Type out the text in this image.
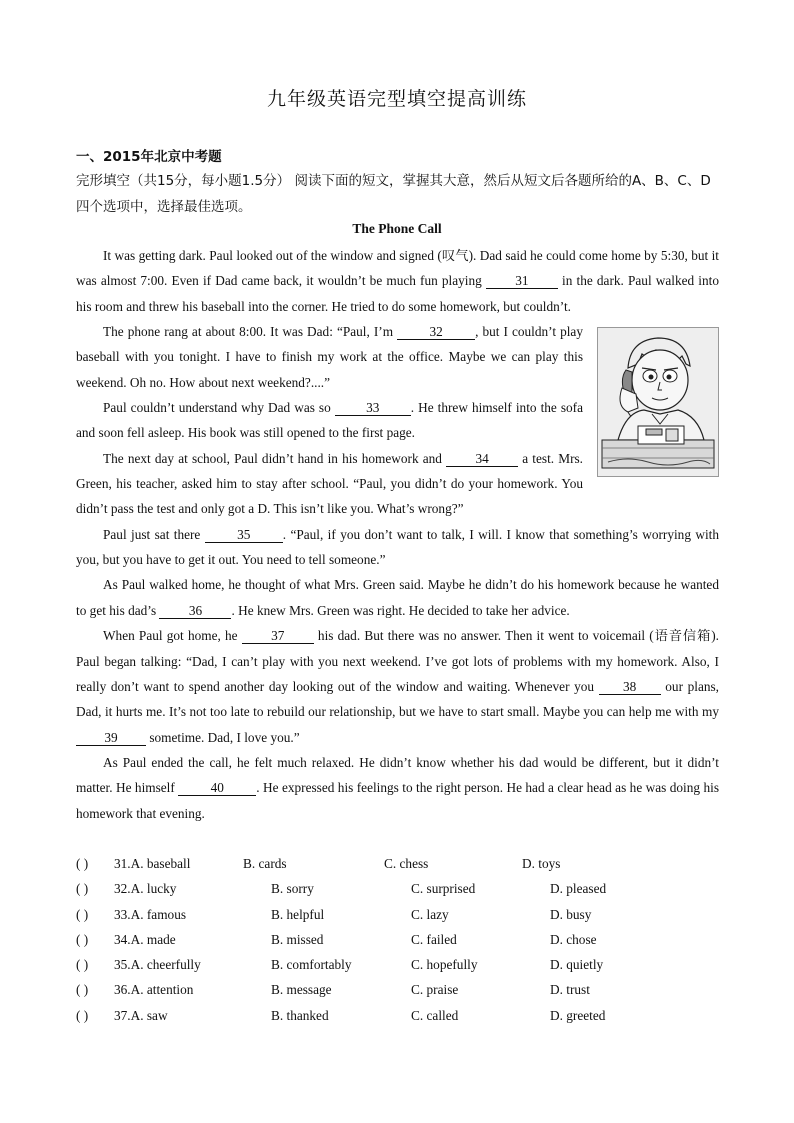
九年级英语完型填空提高训练
一、2015年北京中考题
完形填空（共15分，每小题1.5分） 阅读下面的短文，掌握其大意，然后从短文后各题所给的A、B、C、D四个选项中，选择最佳选项。
The Phone Call

It was getting dark. Paul looked out of the window and signed (叹气). Dad said he could come home by 5:30, but it was almost 7:00. Even if Dad came back, it wouldn’t be much fun playing 31 in the dark. Paul walked into his room and threw his baseball into the corner. He tried to do some homework, but couldn’t.

The phone rang at about 8:00. It was Dad: “Paul, I’m 32 , but I couldn’t play baseball with you tonight. I have to finish my work at the office. Maybe we can play this weekend. Oh no. How about next weekend?....”

Paul couldn’t understand why Dad was so 33 . He threw himself into the sofa and soon fell asleep. His book was still opened to the first page.

The next day at school, Paul didn’t hand in his homework and 34 a test. Mrs. Green, his teacher, asked him to stay after school. “Paul, you didn’t do your homework. You didn’t pass the test and only got a D. This isn’t like you. What’s wrong?”

Paul just sat there 35 . “Paul, if you don’t want to talk, I will. I know that something’s worrying with you, but you have to get it out. You need to tell someone.”

As Paul walked home, he thought of what Mrs. Green said. Maybe he didn’t do his homework because he wanted to get his dad’s 36 . He knew Mrs. Green was right. He decided to take her advice.

When Paul got home, he 37 his dad. But there was no answer. Then it went to voicemail (语音信箱). Paul began talking: “Dad, I can’t play with you next weekend. I’ve got lots of problems with my homework. Also, I really don’t want to spend another day looking out of the window and waiting. Whenever you 38 our plans, Dad, it hurts me. It’s not too late to rebuild our relationship, but we have to start small. Maybe you can help me with my 39 sometime. Dad, I love you.”

As Paul ended the call, he felt much relaxed. He didn’t know whether his dad would be different, but it didn’t matter. He himself 40 . He expressed his feelings to the right person. He had a clear head as he was doing his homework that evening.

( ) 31.A. baseball	B. cards	C. chess	D. toys
( ) 32.A. lucky	B. sorry	C. surprised	D. pleased
( ) 33.A. famous	B. helpful	C. lazy	D. busy
( ) 34.A. made	B. missed	C. failed	D. chose
( ) 35.A. cheerfully	B. comfortably	C. hopefully	D. quietly
( ) 36.A. attention	B. message	C. praise	D. trust
( ) 37.A. saw	B. thanked	C. called	D. greeted
